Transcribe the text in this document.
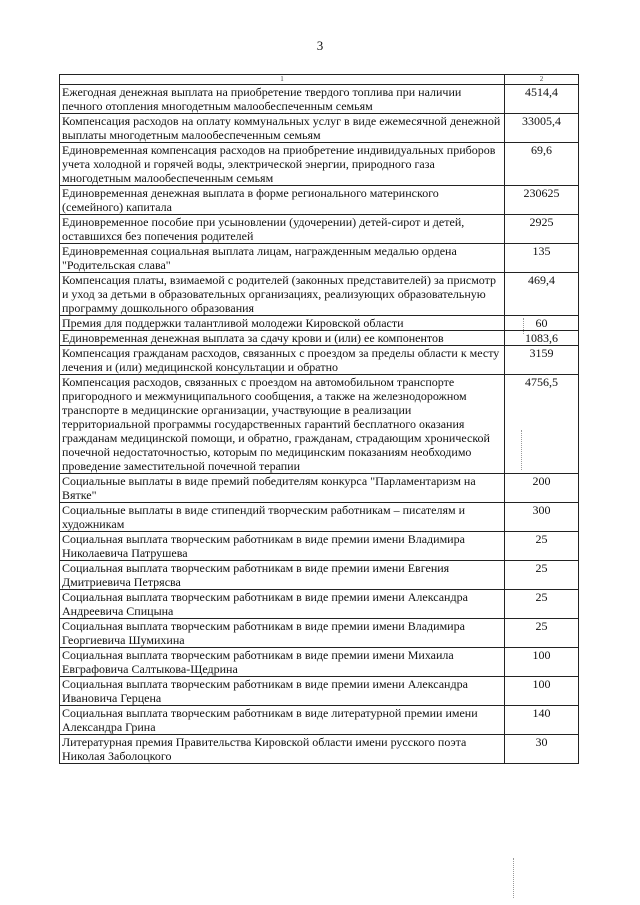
3
1	2
Ежегодная денежная выплата на приобретение твердого топлива при наличии печного отопления многодетным малообеспеченным семьям	4514,4
Компенсация расходов на оплату коммунальных услуг в виде ежемесячной денежной выплаты многодетным малообеспеченным семьям	33005,4
Единовременная компенсация расходов на приобретение индивидуальных приборов учета холодной и горячей воды, электрической энергии, природного газа многодетным малообеспеченным семьям	69,6
Единовременная денежная выплата в форме регионального материнского (семейного) капитала	230625
Единовременное пособие при усыновлении (удочерении) детей-сирот и детей, оставшихся без попечения родителей	2925
Единовременная социальная выплата лицам, награжденным медалью ордена "Родительская слава"	135
Компенсация платы, взимаемой с родителей (законных представителей) за присмотр и уход за детьми в образовательных организациях, реализующих образовательную программу дошкольного образования	469,4
Премия для поддержки талантливой молодежи Кировской области	60
Единовременная денежная выплата за сдачу крови и (или) ее компонентов	1083,6
Компенсация гражданам расходов, связанных с проездом за пределы области к месту лечения и (или) медицинской консультации и обратно	3159
Компенсация расходов, связанных с проездом на автомобильном транспорте пригородного и межмуниципального сообщения, а также на железнодорожном транспорте в медицинские организации, участвующие в реализации территориальной программы государственных гарантий бесплатного оказания гражданам медицинской помощи, и обратно, гражданам, страдающим хронической почечной недостаточностью, которым по медицинским показаниям необходимо проведение заместительной почечной терапии	4756,5
Социальные выплаты в виде премий победителям конкурса "Парламентаризм на Вятке"	200
Социальные выплаты в виде стипендий творческим работникам – писателям и художникам	300
Социальная выплата творческим работникам в виде премии имени Владимира Николаевича Патрушева	25
Социальная выплата творческим работникам в виде премии имени Евгения Дмитриевича Петрясва	25
Социальная выплата творческим работникам в виде премии имени Александра Андреевича Спицына	25
Социальная выплата творческим работникам в виде премии имени Владимира Георгиевича Шумихина	25
Социальная выплата творческим работникам в виде премии имени Михаила Евграфовича Салтыкова-Щедрина	100
Социальная выплата творческим работникам в виде премии имени Александра Ивановича Герцена	100
Социальная выплата творческим работникам в виде литературной премии имени Александра Грина	140
Литературная премия Правительства Кировской области имени русского поэта Николая Заболоцкого	30
